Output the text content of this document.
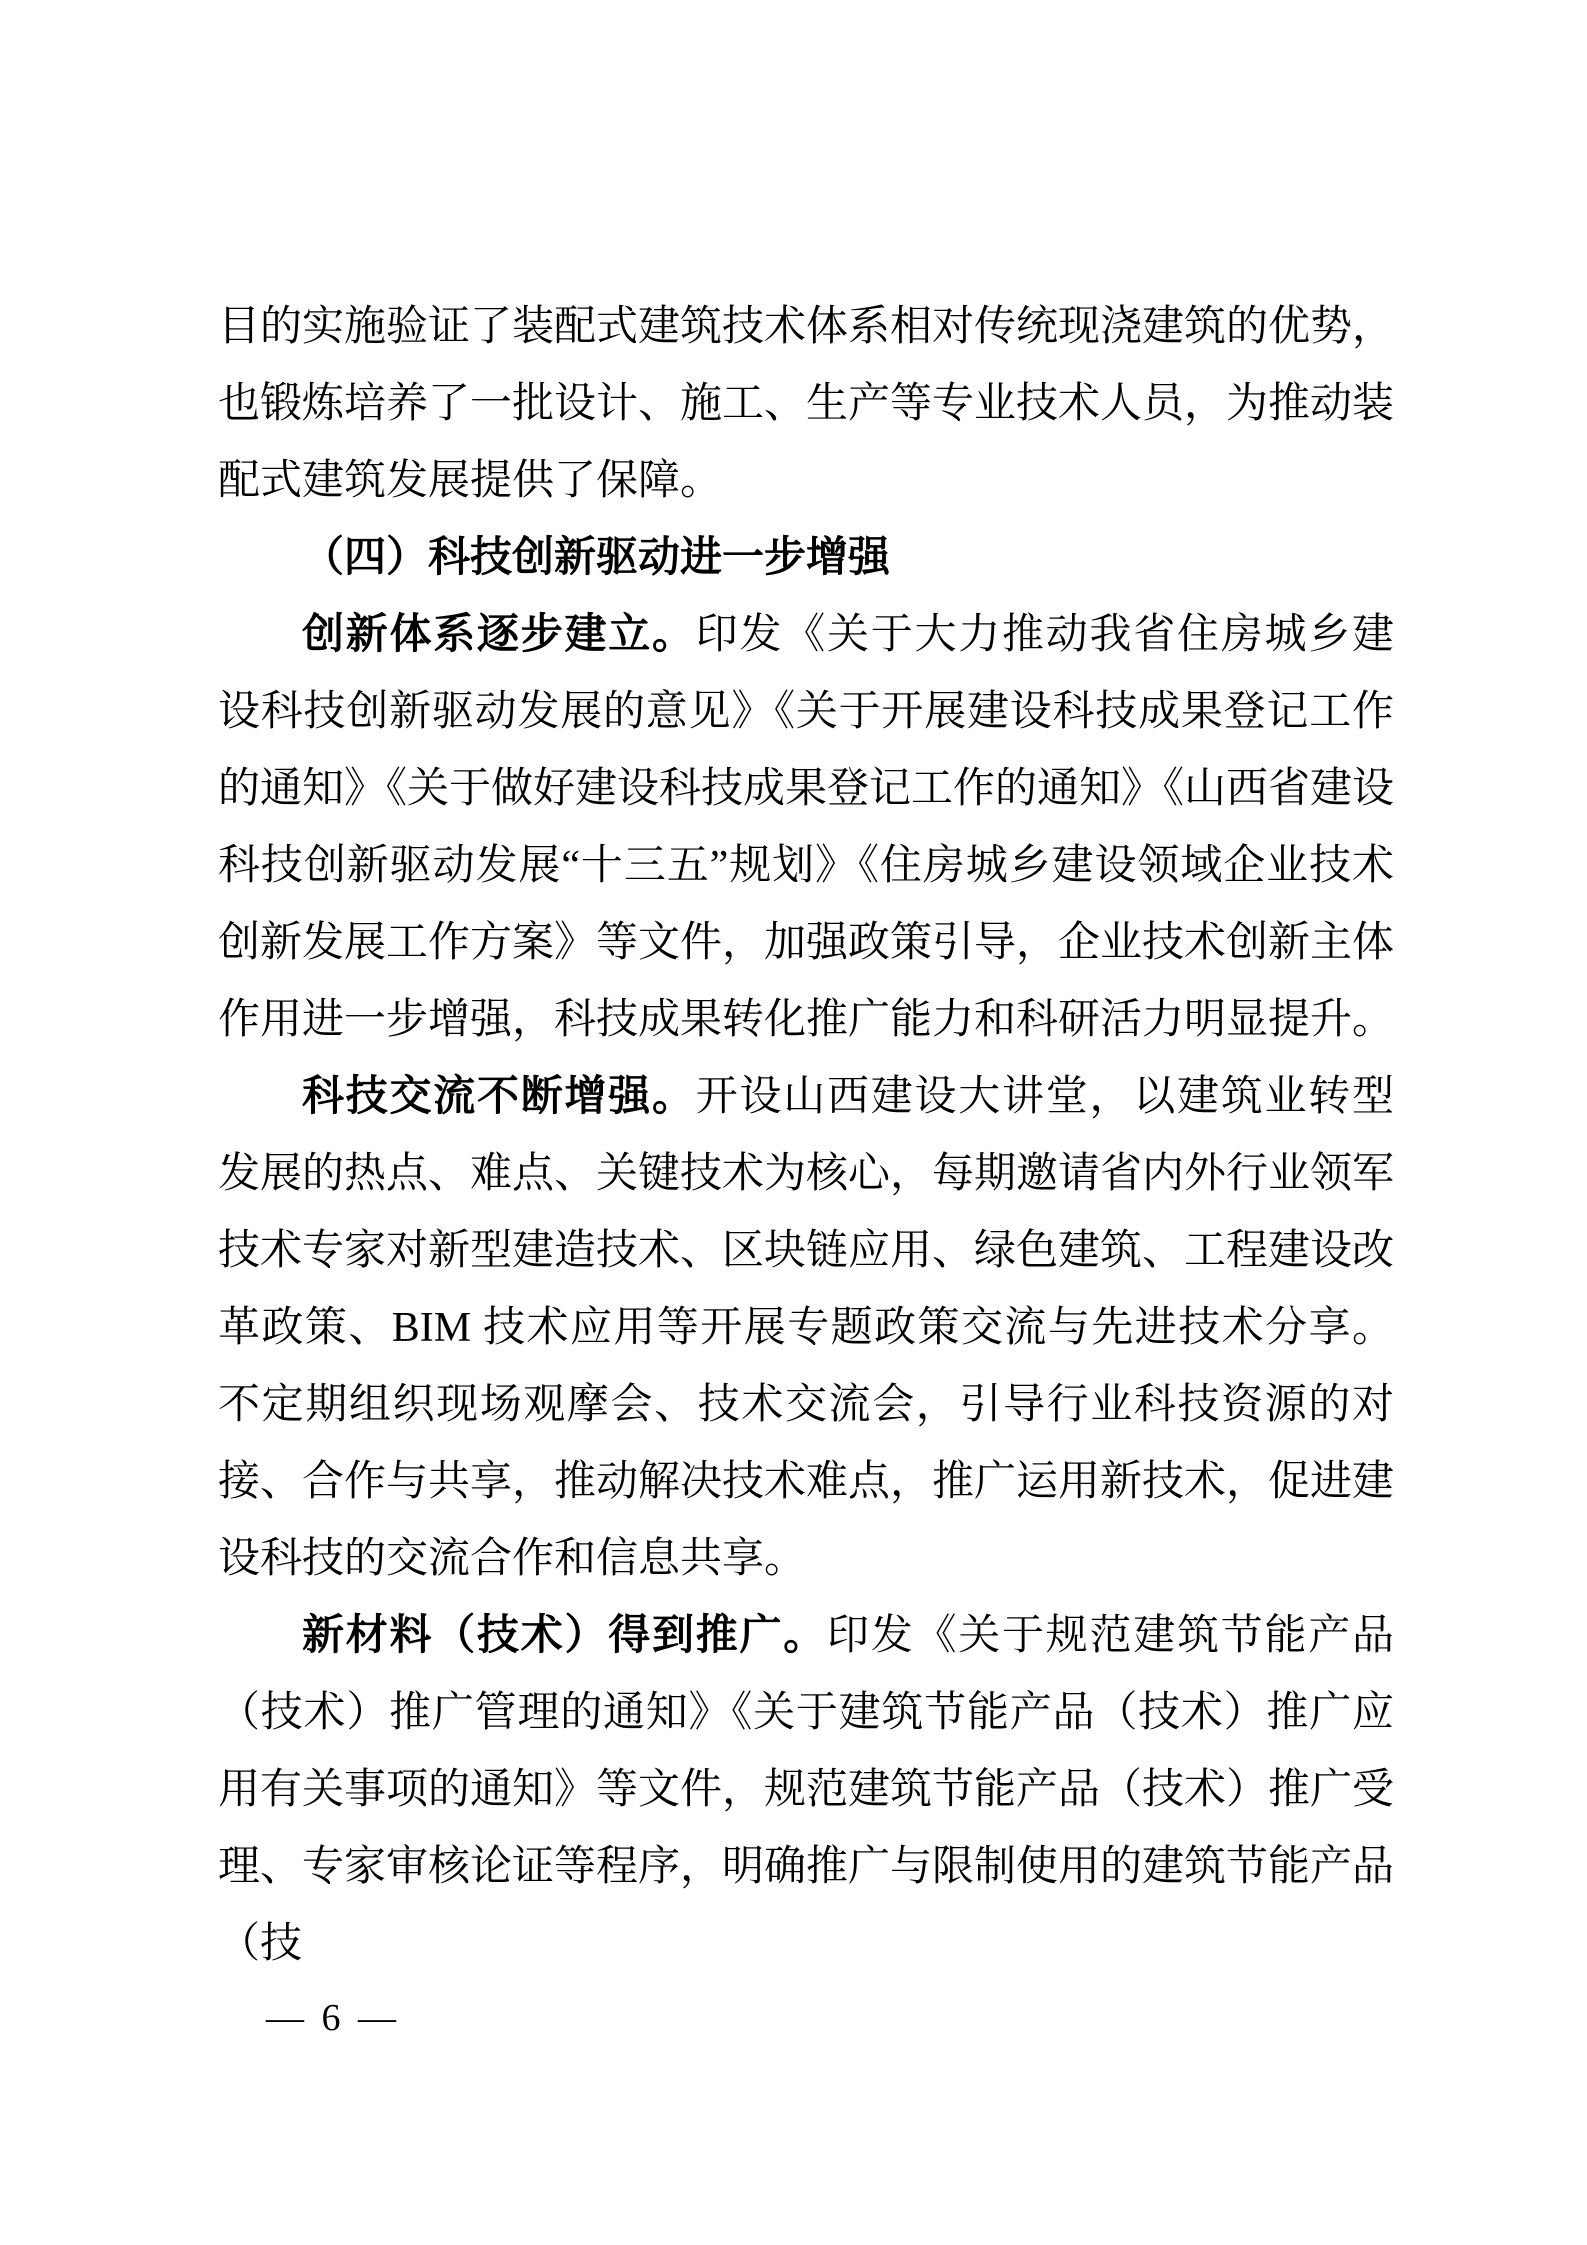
目的实施验证了装配式建筑技术体系相对传统现浇建筑的优势，也锻炼培养了一批设计、施工、生产等专业技术人员，为推动装配式建筑发展提供了保障。

（四）科技创新驱动进一步增强

创新体系逐步建立。印发《关于大力推动我省住房城乡建设科技创新驱动发展的意见》《关于开展建设科技成果登记工作的通知》《关于做好建设科技成果登记工作的通知》《山西省建设科技创新驱动发展“十三五”规划》《住房城乡建设领域企业技术创新发展工作方案》等文件，加强政策引导，企业技术创新主体作用进一步增强，科技成果转化推广能力和科研活力明显提升。

科技交流不断增强。开设山西建设大讲堂，以建筑业转型发展的热点、难点、关键技术为核心，每期邀请省内外行业领军技术专家对新型建造技术、区块链应用、绿色建筑、工程建设改革政策、BIM 技术应用等开展专题政策交流与先进技术分享。不定期组织现场观摩会、技术交流会，引导行业科技资源的对接、合作与共享，推动解决技术难点，推广运用新技术，促进建设科技的交流合作和信息共享。

新材料（技术）得到推广。印发《关于规范建筑节能产品（技术）推广管理的通知》《关于建筑节能产品（技术）推广应用有关事项的通知》等文件，规范建筑节能产品（技术）推广受理、专家审核论证等程序，明确推广与限制使用的建筑节能产品（技

— 6 —
